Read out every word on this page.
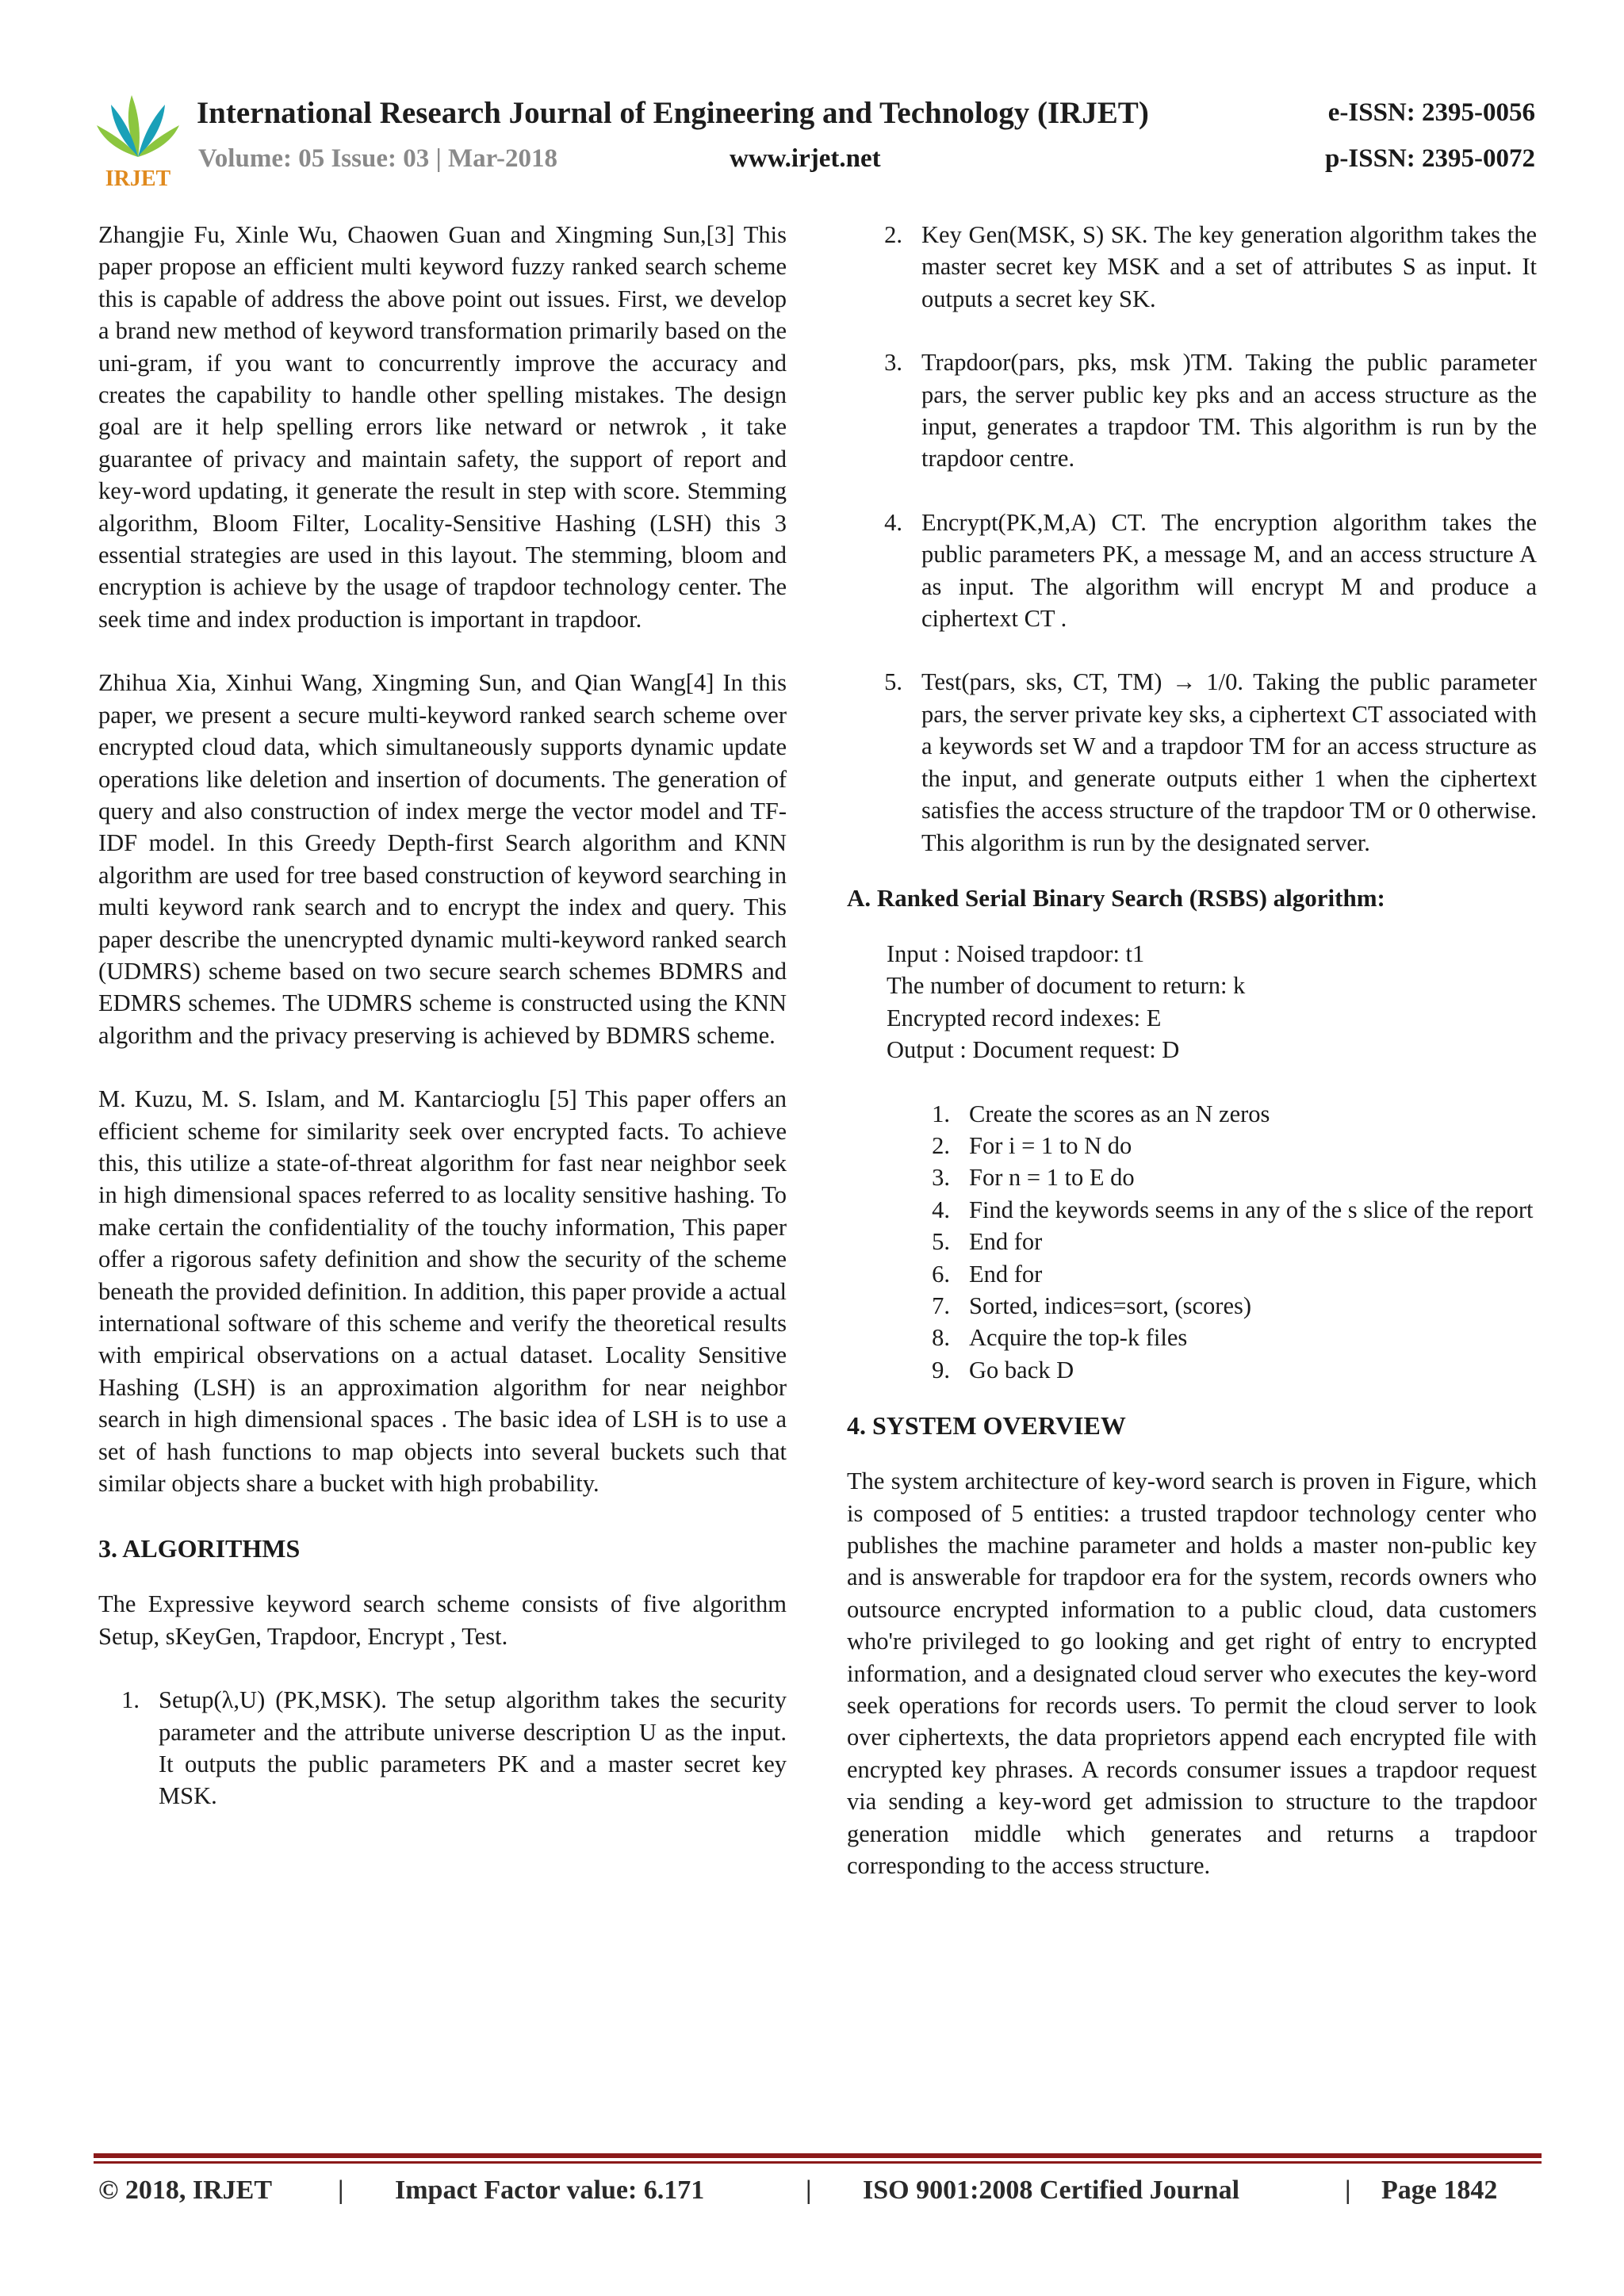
IRJET
International Research Journal of Engineering and Technology (IRJET)	e-ISSN: 2395-0056
Volume: 05 Issue: 03 | Mar-2018	www.irjet.net	p-ISSN: 2395-0072

Zhangjie Fu, Xinle Wu, Chaowen Guan and Xingming Sun,[3] This paper propose an efficient multi keyword fuzzy ranked search scheme this is capable of address the above point out issues. First, we develop a brand new method of keyword transformation primarily based on the uni-gram, if you want to concurrently improve the accuracy and creates the capability to handle other spelling mistakes. The design goal are it help spelling errors like netward or netwrok , it take guarantee of privacy and maintain safety, the support of report and key-word updating, it generate the result in step with score. Stemming algorithm, Bloom Filter, Locality-Sensitive Hashing (LSH) this 3 essential strategies are used in this layout. The stemming, bloom and encryption is achieve by the usage of trapdoor technology center. The seek time and index production is important in trapdoor.

Zhihua Xia, Xinhui Wang, Xingming Sun, and Qian Wang[4] In this paper, we present a secure multi-keyword ranked search scheme over encrypted cloud data, which simultaneously supports dynamic update operations like deletion and insertion of documents. The generation of query and also construction of index merge the vector model and TF-IDF model. In this Greedy Depth-first Search algorithm and KNN algorithm are used for tree based construction of keyword searching in multi keyword rank search and to encrypt the index and query. This paper describe the unencrypted dynamic multi-keyword ranked search (UDMRS) scheme based on two secure search schemes BDMRS and EDMRS schemes. The UDMRS scheme is constructed using the KNN algorithm and the privacy preserving is achieved by BDMRS scheme.

M. Kuzu, M. S. Islam, and M. Kantarcioglu [5] This paper offers an efficient scheme for similarity seek over encrypted facts. To achieve this, this utilize a state-of-threat algorithm for fast near neighbor seek in high dimensional spaces referred to as locality sensitive hashing. To make certain the confidentiality of the touchy information, This paper offer a rigorous safety definition and show the security of the scheme beneath the provided definition. In addition, this paper provide a actual international software of this scheme and verify the theoretical results with empirical observations on a actual dataset. Locality Sensitive Hashing (LSH) is an approximation algorithm for near neighbor search in high dimensional spaces . The basic idea of LSH is to use a set of hash functions to map objects into several buckets such that similar objects share a bucket with high probability.

3. ALGORITHMS

The Expressive keyword search scheme consists of five algorithm Setup, sKeyGen, Trapdoor, Encrypt , Test.

1. Setup(λ,U) (PK,MSK). The setup algorithm takes the security parameter and the attribute universe description U as the input. It outputs the public parameters PK and a master secret key MSK.
2. Key Gen(MSK, S) SK. The key generation algorithm takes the master secret key MSK and a set of attributes S as input. It outputs a secret key SK.
3. Trapdoor(pars, pks, msk )TM. Taking the public parameter pars, the server public key pks and an access structure as the input, generates a trapdoor TM. This algorithm is run by the trapdoor centre.
4. Encrypt(PK,M,A) CT. The encryption algorithm takes the public parameters PK, a message M, and an access structure A as input. The algorithm will encrypt M and produce a ciphertext CT .
5. Test(pars, sks, CT, TM) → 1/0. Taking the public parameter pars, the server private key sks, a ciphertext CT associated with a keywords set W and a trapdoor TM for an access structure as the input, and generate outputs either 1 when the ciphertext satisfies the access structure of the trapdoor TM or 0 otherwise. This algorithm is run by the designated server.
A. Ranked Serial Binary Search (RSBS) algorithm:

Input : Noised trapdoor: t1

The number of document to return: k

Encrypted record indexes: E

Output : Document request: D

1. Create the scores as an N zeros
2. For i = 1 to N do
3. For n = 1 to E do
4. Find the keywords seems in any of the s slice of the report
5. End for
6. End for
7. Sorted, indices=sort, (scores)
8. Acquire the top-k files
9. Go back D
4. SYSTEM OVERVIEW

The system architecture of key-word search is proven in Figure, which is composed of 5 entities: a trusted trapdoor technology center who publishes the machine parameter and holds a master non-public key and is answerable for trapdoor era for the system, records owners who outsource encrypted information to a public cloud, data customers who're privileged to go looking and get right of entry to encrypted information, and a designated cloud server who executes the key-word seek operations for records users. To permit the cloud server to look over ciphertexts, the data proprietors append each encrypted file with encrypted key phrases. A records consumer issues a trapdoor request via sending a key-word get admission to structure to the trapdoor generation middle which generates and returns a trapdoor corresponding to the access structure.

© 2018, IRJET | Impact Factor value: 6.171	| ISO 9001:2008 Certified Journal	| Page 1842
